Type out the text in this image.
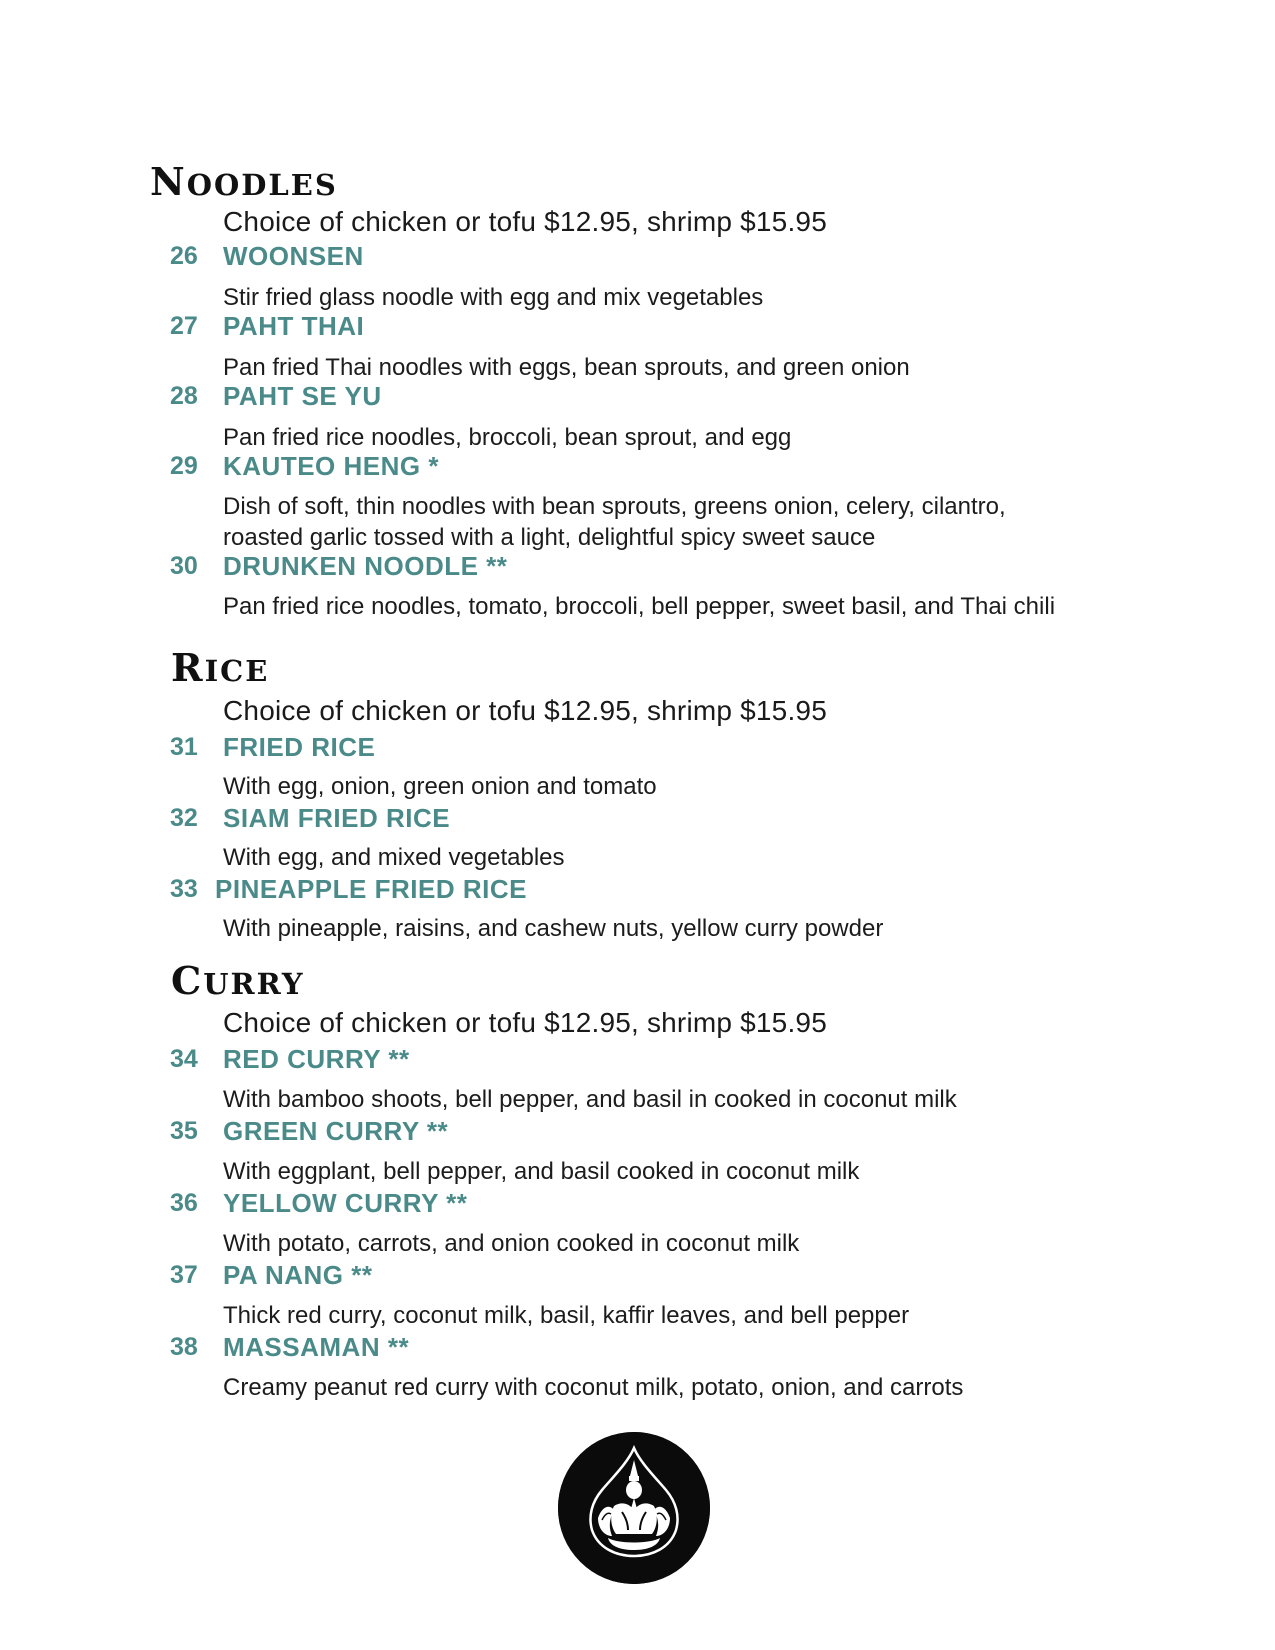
NOODLES
Choice of chicken or tofu $12.95, shrimp $15.95
26 WOONSEN
Stir fried glass noodle with egg and mix vegetables
27 PAHT THAI
Pan fried Thai noodles with eggs, bean sprouts, and green onion
28 PAHT SE YU
Pan fried rice noodles, broccoli, bean sprout, and egg
29 KAUTEO HENG *
Dish of soft, thin noodles with bean sprouts, greens onion, celery, cilantro, roasted garlic tossed with a light, delightful spicy sweet sauce
30 DRUNKEN NOODLE **
Pan fried rice noodles, tomato, broccoli, bell pepper, sweet basil, and Thai chili
RICE
Choice of chicken or tofu $12.95, shrimp $15.95
31 FRIED RICE
With egg, onion, green onion and tomato
32 SIAM FRIED RICE
With egg, and mixed vegetables
33 PINEAPPLE FRIED RICE
With pineapple, raisins, and cashew nuts, yellow curry powder
CURRY
Choice of chicken or tofu $12.95, shrimp $15.95
34 RED CURRY **
With bamboo shoots, bell pepper, and basil in cooked in coconut milk
35 GREEN CURRY **
With eggplant, bell pepper, and basil cooked in coconut milk
36 YELLOW CURRY **
With potato, carrots, and onion cooked in coconut milk
37 PA NANG **
Thick red curry, coconut milk, basil, kaffir leaves, and bell pepper
38 MASSAMAN **
Creamy peanut red curry with coconut milk, potato, onion, and carrots
